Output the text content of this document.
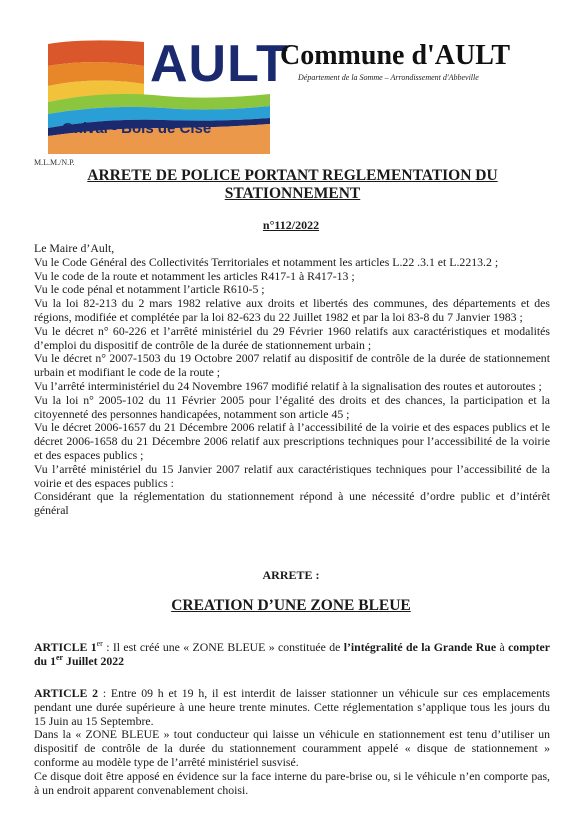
AULT
Onival - Bois de Cise
Commune d'AULT
Département de la Somme – Arrondissement d'Abbeville
M.L.M./N.P.
ARRETE DE POLICE PORTANT REGLEMENTATION DU
STATIONNEMENT
n°112/2022

Le Maire d’Ault,

Vu le Code Général des Collectivités Territoriales et notamment les articles L.22 .3.1 et L.2213.2 ;

Vu le code de la route et notamment les articles R417-1 à R417-13 ;

Vu le code pénal et notamment l’article R610-5 ;

Vu la loi 82-213 du 2 mars 1982 relative aux droits et libertés des communes, des départements et des régions, modifiée et complétée par la loi 82-623 du 22 Juillet 1982 et par la loi 83-8 du 7 Janvier 1983 ;

Vu le décret n° 60-226 et l’arrêté ministériel du 29 Février 1960 relatifs aux caractéristiques et modalités d’emploi du dispositif de contrôle de la durée de stationnement urbain ;

Vu le décret n° 2007-1503 du 19 Octobre 2007 relatif au dispositif de contrôle de la durée de stationnement urbain et modifiant le code de la route ;

Vu l’arrêté interministériel du 24 Novembre 1967 modifié relatif à la signalisation des routes et autoroutes ;

Vu la loi n° 2005-102 du 11 Février 2005 pour l’égalité des droits et des chances, la participation et la citoyenneté des personnes handicapées, notamment son article 45 ;

Vu le décret 2006-1657 du 21 Décembre 2006 relatif à l’accessibilité de la voirie et des espaces publics et le décret 2006-1658 du 21 Décembre 2006 relatif aux prescriptions techniques pour l’accessibilité de la voirie et des espaces publics ;

Vu l’arrêté ministériel du 15 Janvier 2007 relatif aux caractéristiques techniques pour l’accessibilité de la voirie et des espaces publics :

Considérant que la réglementation du stationnement répond à une nécessité d’ordre public et d’intérêt général

ARRETE :
CREATION D’UNE ZONE BLEUE
ARTICLE 1er : Il est créé une « ZONE BLEUE » constituée de l’intégralité de la Grande Rue à compter du 1er Juillet 2022

ARTICLE 2 : Entre 09 h et 19 h, il est interdit de laisser stationner un véhicule sur ces emplacements pendant une durée supérieure à une heure trente minutes. Cette réglementation s’applique tous les jours du 15 Juin au 15 Septembre.

Dans la « ZONE BLEUE » tout conducteur qui laisse un véhicule en stationnement est tenu d’utiliser un dispositif de contrôle de la durée du stationnement couramment appelé « disque de stationnement » conforme au modèle type de l’arrêté ministériel susvisé.

Ce disque doit être apposé en évidence sur la face interne du pare-brise ou, si le véhicule n’en comporte pas, à un endroit apparent convenablement choisi.
